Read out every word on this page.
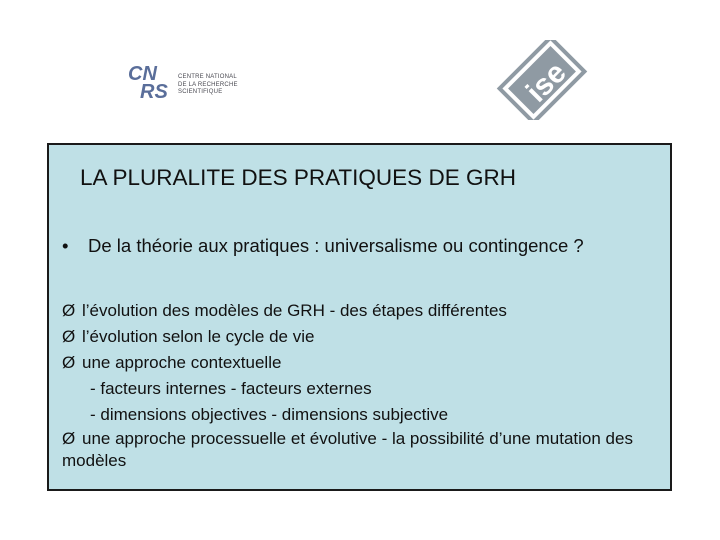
CN
RS
CENTRE NATIONAL
DE LA RECHERCHE
SCIENTIFIQUE	ise
LA PLURALITE DES PRATIQUES DE GRH
• De la théorie aux pratiques : universalisme ou contingence ?
Ø l’évolution des modèles de GRH - des étapes différentes
Ø l’évolution selon le cycle de vie
Ø une approche contextuelle
- facteurs internes - facteurs externes
- dimensions objectives - dimensions subjective
Ø une approche processuelle et évolutive - la possibilité d’une mutation des modèles
